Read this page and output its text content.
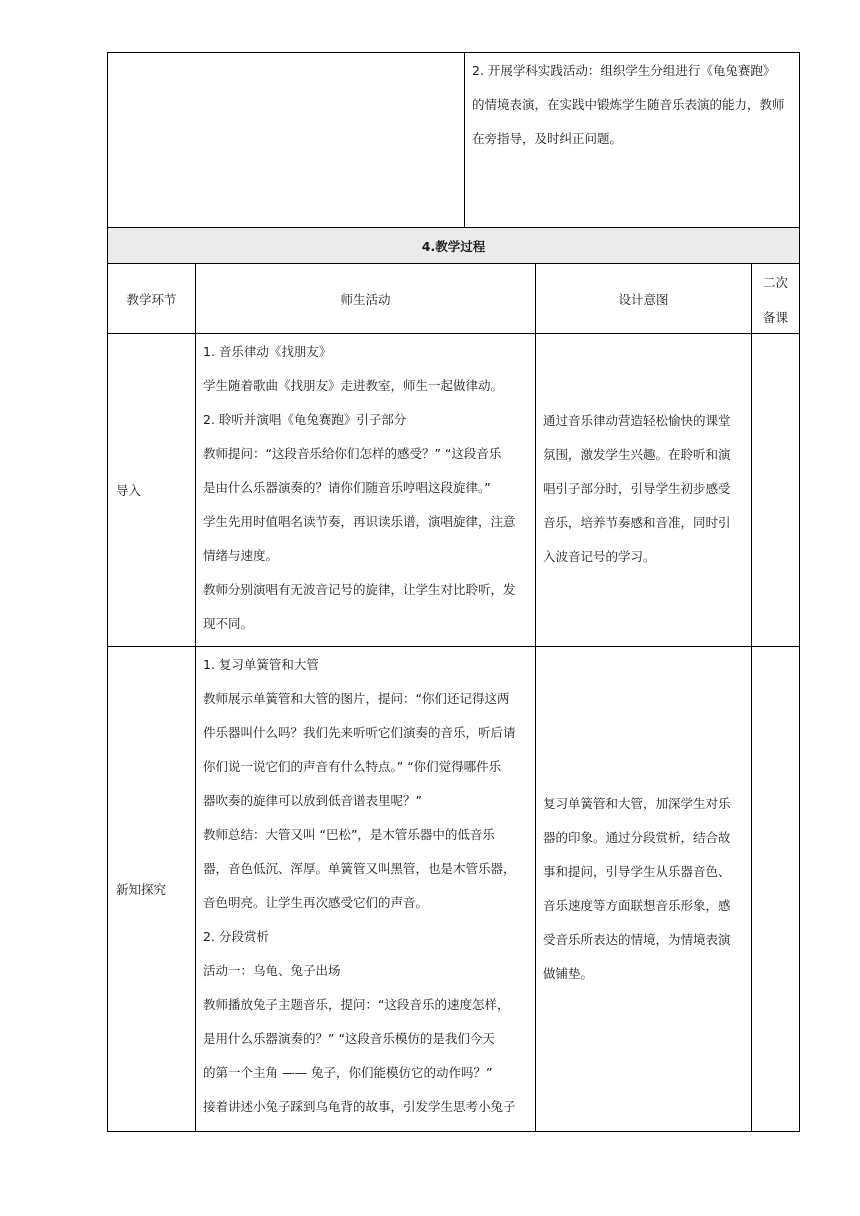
2. 开展学科实践活动：组织学生分组进行《龟兔赛跑》
的情境表演，在实践中锻炼学生随音乐表演的能力，教师
在旁指导，及时纠正问题。
4.教学过程
教学环节	师生活动	设计意图
二次
备课
导入
1. 音乐律动《找朋友》
学生随着歌曲《找朋友》走进教室，师生一起做律动。
2. 聆听并演唱《龟兔赛跑》引子部分
教师提问：“这段音乐给你们怎样的感受？” “这段音乐
是由什么乐器演奏的？请你们随音乐哼唱这段旋律。”
学生先用时值唱名读节奏，再识读乐谱，演唱旋律，注意
情绪与速度。
教师分别演唱有无波音记号的旋律，让学生对比聆听，发
现不同。
通过音乐律动营造轻松愉快的课堂
氛围，激发学生兴趣。在聆听和演
唱引子部分时，引导学生初步感受
音乐，培养节奏感和音准，同时引
入波音记号的学习。
新知探究
1. 复习单簧管和大管
教师展示单簧管和大管的图片，提问：“你们还记得这两
件乐器叫什么吗？我们先来听听它们演奏的音乐，听后请
你们说一说它们的声音有什么特点。” “你们觉得哪件乐
器吹奏的旋律可以放到低音谱表里呢？”
教师总结：大管又叫 “巴松”，是木管乐器中的低音乐
器，音色低沉、浑厚。单簧管又叫黑管，也是木管乐器，
音色明亮。让学生再次感受它们的声音。
2. 分段赏析
活动一：乌龟、兔子出场
教师播放兔子主题音乐，提问：“这段音乐的速度怎样，
是用什么乐器演奏的？” “这段音乐模仿的是我们今天
的第一个主角 —— 兔子，你们能模仿它的动作吗？”
接着讲述小兔子踩到乌龟背的故事，引发学生思考小兔子
复习单簧管和大管，加深学生对乐
器的印象。通过分段赏析，结合故
事和提问，引导学生从乐器音色、
音乐速度等方面联想音乐形象，感
受音乐所表达的情境，为情境表演
做铺垫。
